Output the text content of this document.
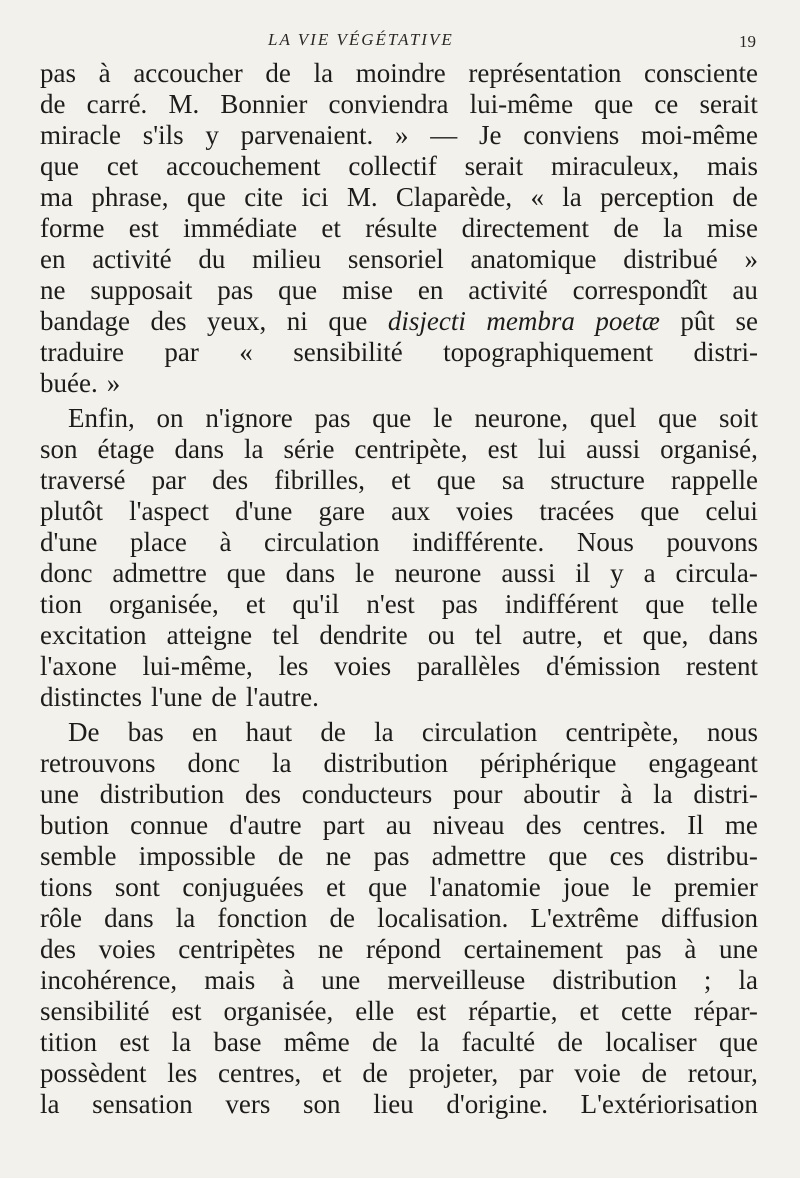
LA VIE VÉGÉTATIVE	19
pas à accoucher de la moindre représentation consciente
de carré. M. Bonnier conviendra lui-même que ce serait
miracle s'ils y parvenaient. » — Je conviens moi-même
que cet accouchement collectif serait miraculeux, mais
ma phrase, que cite ici M. Claparède, « la perception de
forme est immédiate et résulte directement de la mise
en activité du milieu sensoriel anatomique distribué »
ne supposait pas que mise en activité correspondît au
bandage des yeux, ni que disjecti membra poetæ pût se
traduire par « sensibilité topographiquement distri-
buée. »
Enfin, on n'ignore pas que le neurone, quel que soit
son étage dans la série centripète, est lui aussi organisé,
traversé par des fibrilles, et que sa structure rappelle
plutôt l'aspect d'une gare aux voies tracées que celui
d'une place à circulation indifférente. Nous pouvons
donc admettre que dans le neurone aussi il y a circula-
tion organisée, et qu'il n'est pas indifférent que telle
excitation atteigne tel dendrite ou tel autre, et que, dans
l'axone lui-même, les voies parallèles d'émission restent
distinctes l'une de l'autre.
De bas en haut de la circulation centripète, nous
retrouvons donc la distribution périphérique engageant
une distribution des conducteurs pour aboutir à la distri-
bution connue d'autre part au niveau des centres. Il me
semble impossible de ne pas admettre que ces distribu-
tions sont conjuguées et que l'anatomie joue le premier
rôle dans la fonction de localisation. L'extrême diffusion
des voies centripètes ne répond certainement pas à une
incohérence, mais à une merveilleuse distribution ; la
sensibilité est organisée, elle est répartie, et cette répar-
tition est la base même de la faculté de localiser que
possèdent les centres, et de projeter, par voie de retour,
la sensation vers son lieu d'origine. L'extériorisation
